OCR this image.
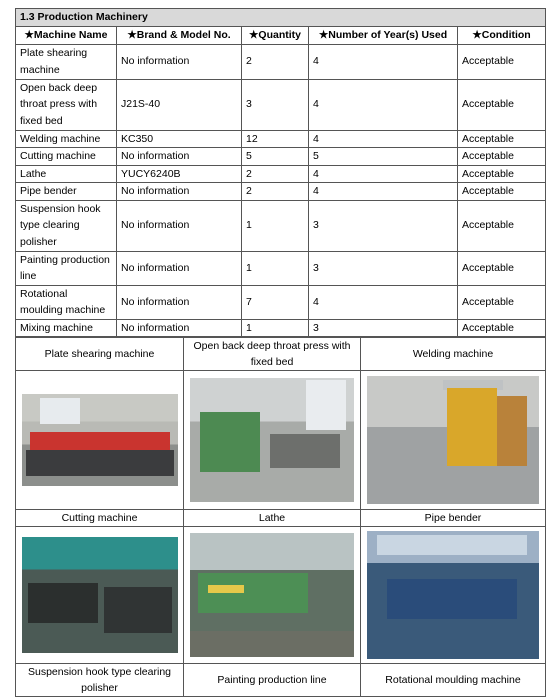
1.3 Production Machinery				
★Machine Name	★Brand & Model No.	★Quantity	★Number of Year(s) Used	★Condition
Plate shearing machine	No information	2	4	Acceptable
Open back deep throat press with fixed bed	J21S-40	3	4	Acceptable
Welding machine	KC350	12	4	Acceptable
Cutting machine	No information	5	5	Acceptable
Lathe	YUCY6240B	2	4	Acceptable
Pipe bender	No information	2	4	Acceptable
Suspension hook type clearing polisher	No information	1	3	Acceptable
Painting production line	No information	1	3	Acceptable
Rotational moulding machine	No information	7	4	Acceptable
Mixing machine	No information	1	3	Acceptable
Plate shearing machine	Open back deep throat press with fixed bed	Welding machine

Cutting machine	Lathe	Pipe bender

Suspension hook type clearing polisher	Painting production line	Rotational moulding machine
